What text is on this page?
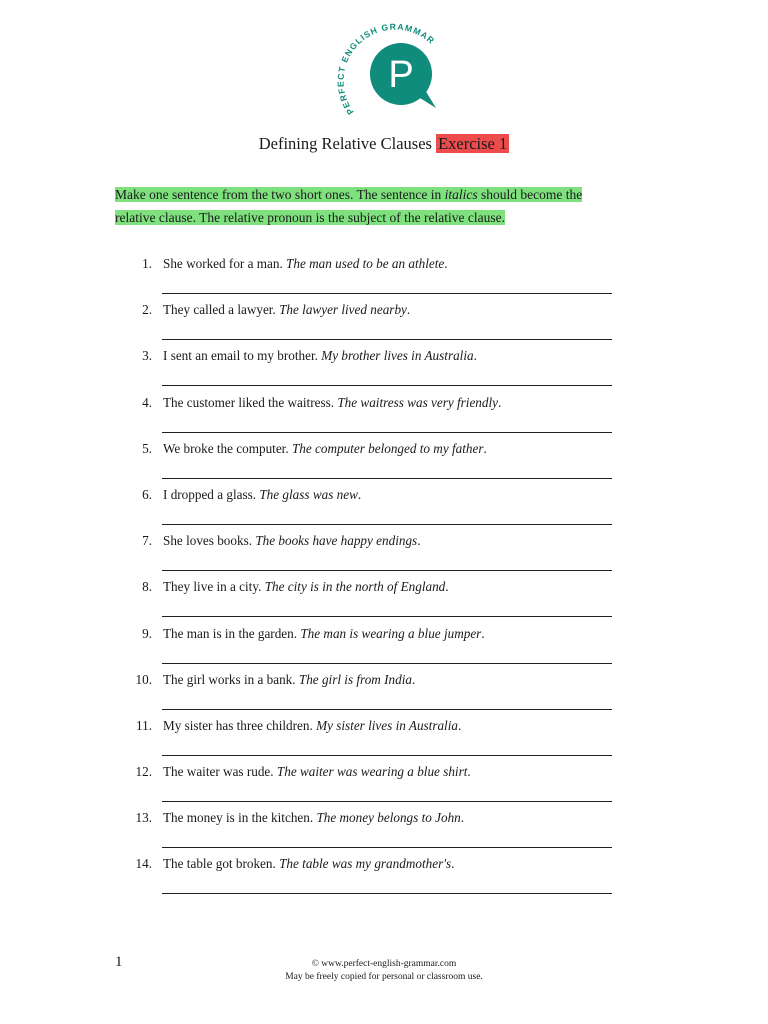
PERFECT ENGLISH GRAMMAR
P
Defining Relative Clauses Exercise 1
Make one sentence from the two short ones. The sentence in italics should become the
relative clause. The relative pronoun is the subject of the relative clause.
1. She worked for a man. The man used to be an athlete.
2. They called a lawyer. The lawyer lived nearby.
3. I sent an email to my brother. My brother lives in Australia.
4. The customer liked the waitress. The waitress was very friendly.
5. We broke the computer. The computer belonged to my father.
6. I dropped a glass. The glass was new.
7. She loves books. The books have happy endings.
8. They live in a city. The city is in the north of England.
9. The man is in the garden. The man is wearing a blue jumper.
10. The girl works in a bank. The girl is from India.
11. My sister has three children. My sister lives in Australia.
12. The waiter was rude. The waiter was wearing a blue shirt.
13. The money is in the kitchen. The money belongs to John.
14. The table got broken. The table was my grandmother's.
1	© www.perfect-english-grammar.com
May be freely copied for personal or classroom use.
